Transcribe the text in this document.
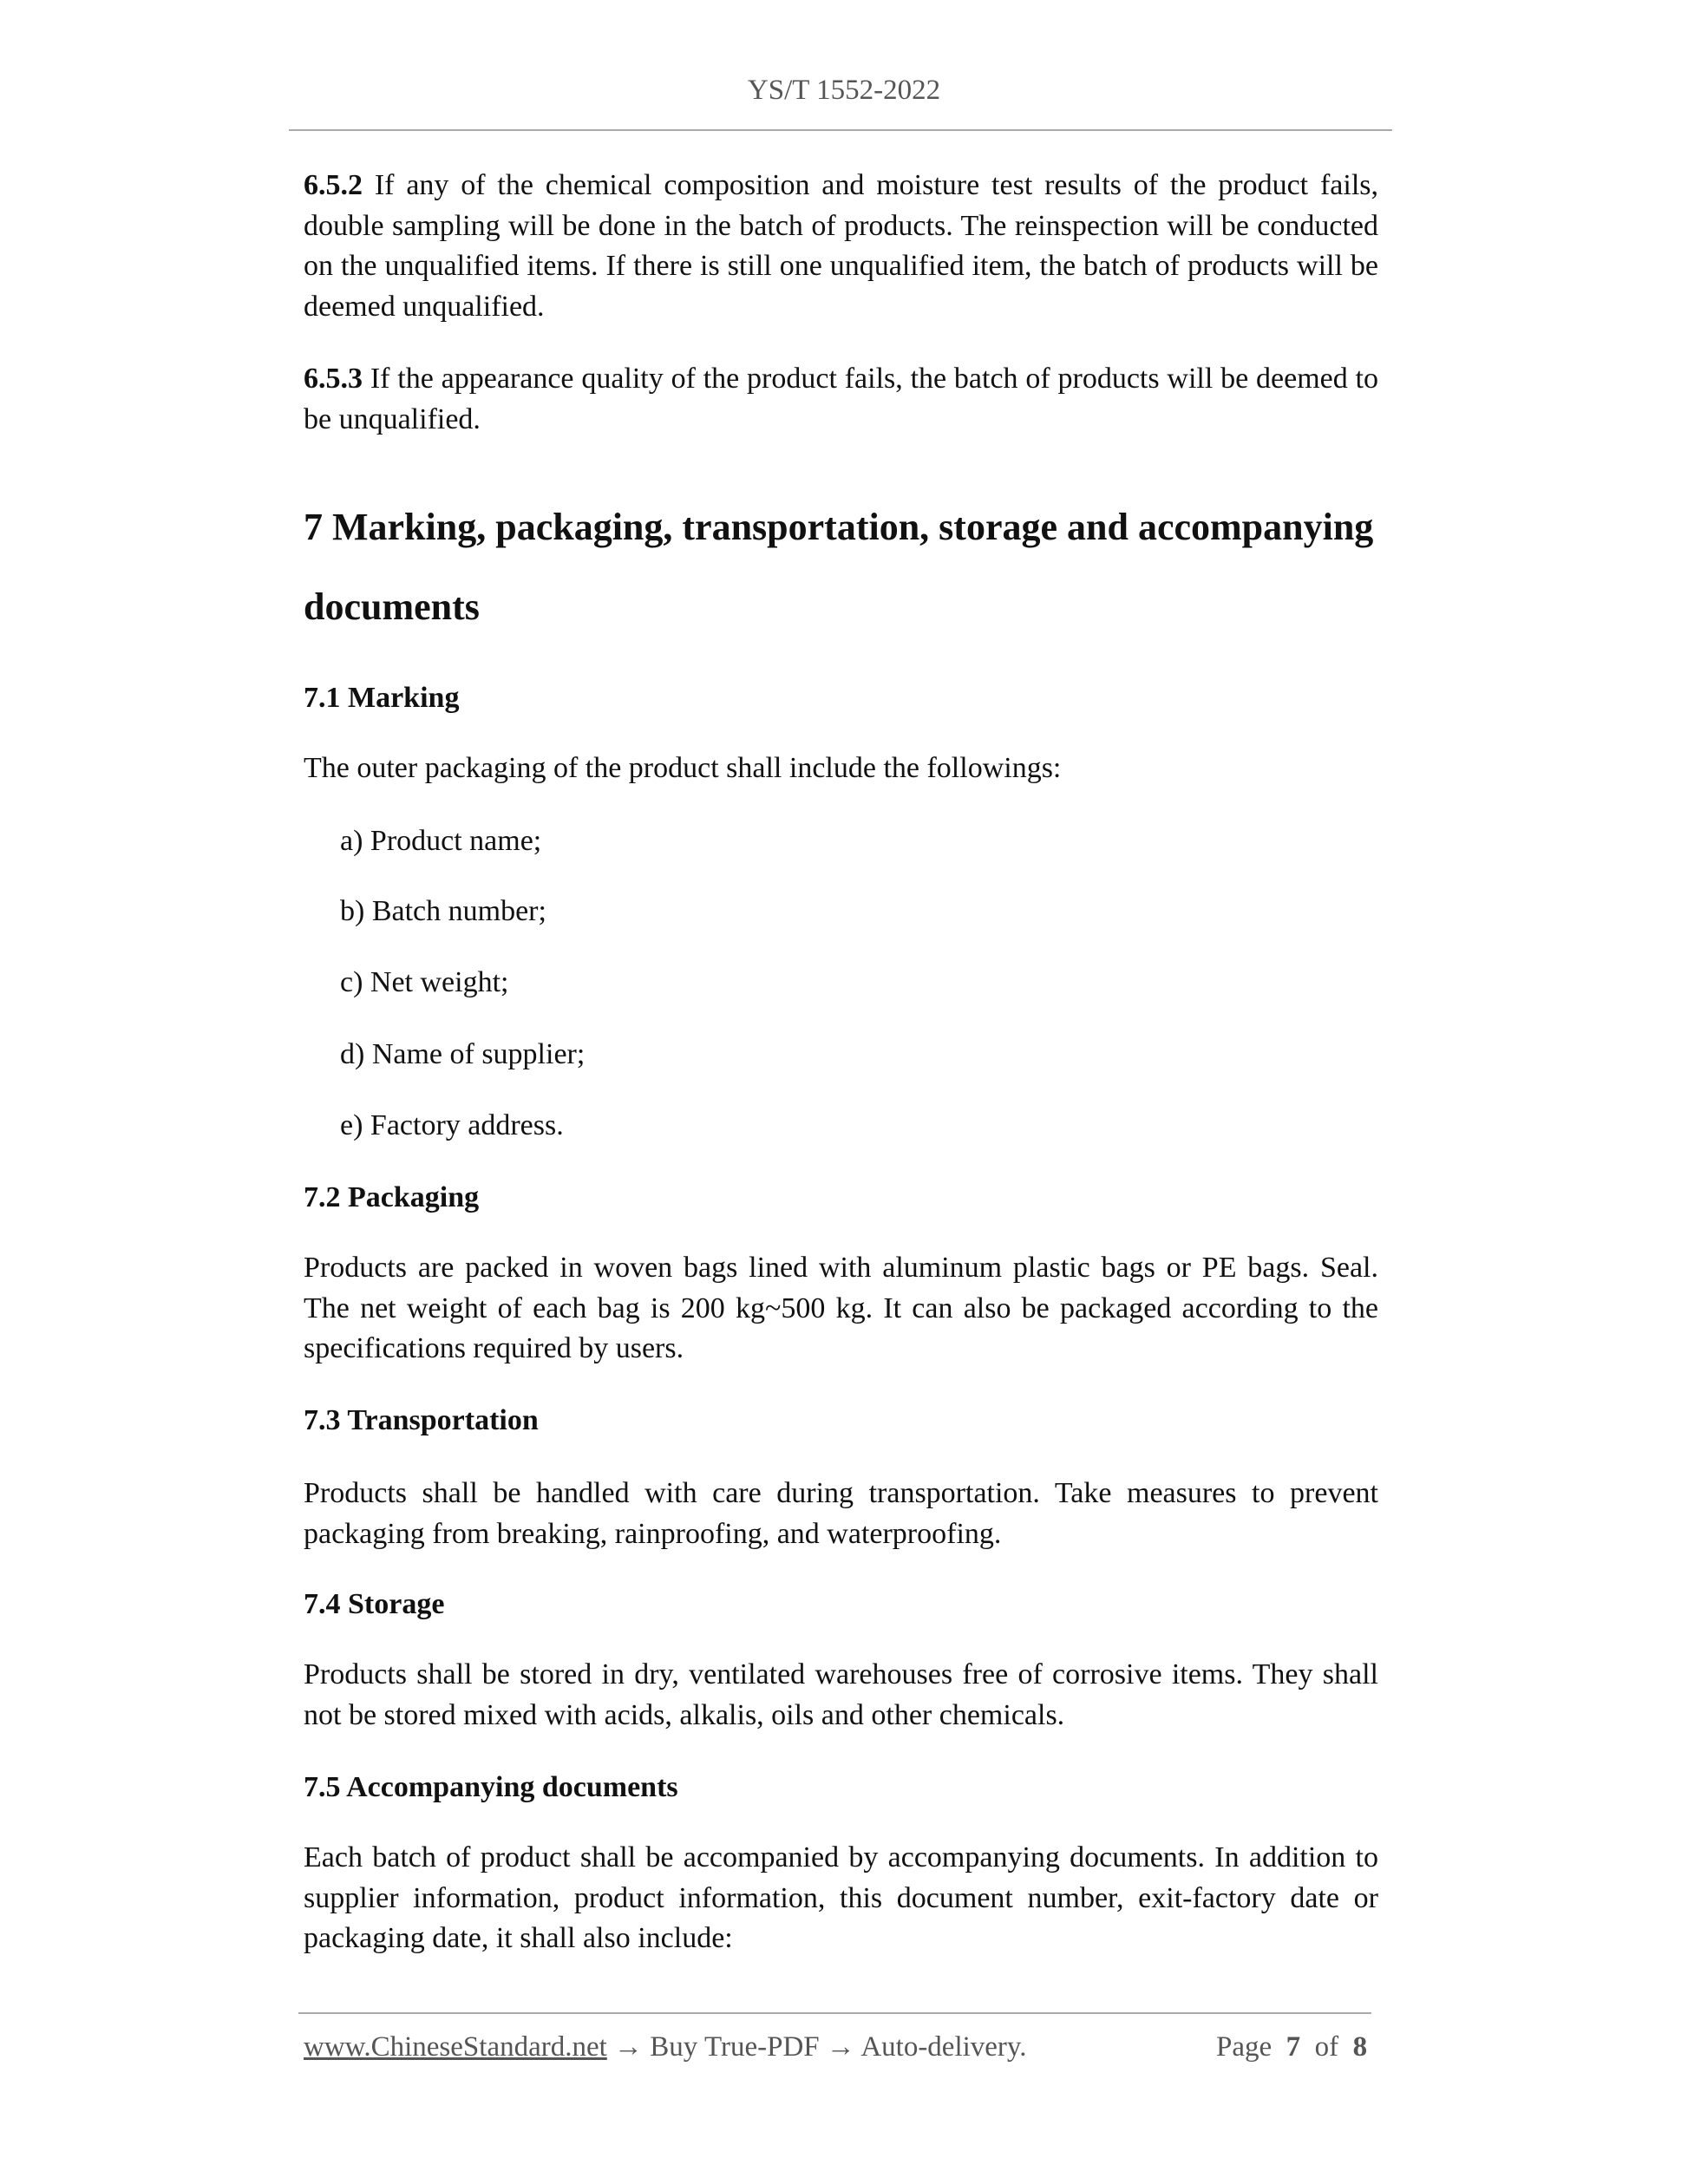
YS/T 1552-2022
6.5.2 If any of the chemical composition and moisture test results of the product fails, double sampling will be done in the batch of products. The reinspection will be conducted on the unqualified items. If there is still one unqualified item, the batch of products will be deemed unqualified.
6.5.3 If the appearance quality of the product fails, the batch of products will be deemed to be unqualified.
7 Marking, packaging, transportation, storage and accompanying documents
7.1 Marking
The outer packaging of the product shall include the followings:
a) Product name;
b) Batch number;
c) Net weight;
d) Name of supplier;
e) Factory address.
7.2 Packaging
Products are packed in woven bags lined with aluminum plastic bags or PE bags. Seal. The net weight of each bag is 200 kg~500 kg. It can also be packaged according to the specifications required by users.
7.3 Transportation
Products shall be handled with care during transportation. Take measures to prevent packaging from breaking, rainproofing, and waterproofing.
7.4 Storage
Products shall be stored in dry, ventilated warehouses free of corrosive items. They shall not be stored mixed with acids, alkalis, oils and other chemicals.
7.5 Accompanying documents
Each batch of product shall be accompanied by accompanying documents. In addition to supplier information, product information, this document number, exit-factory date or packaging date, it shall also include:
www.ChineseStandard.net → Buy True-PDF → Auto-delivery.	Page 7 of 8
